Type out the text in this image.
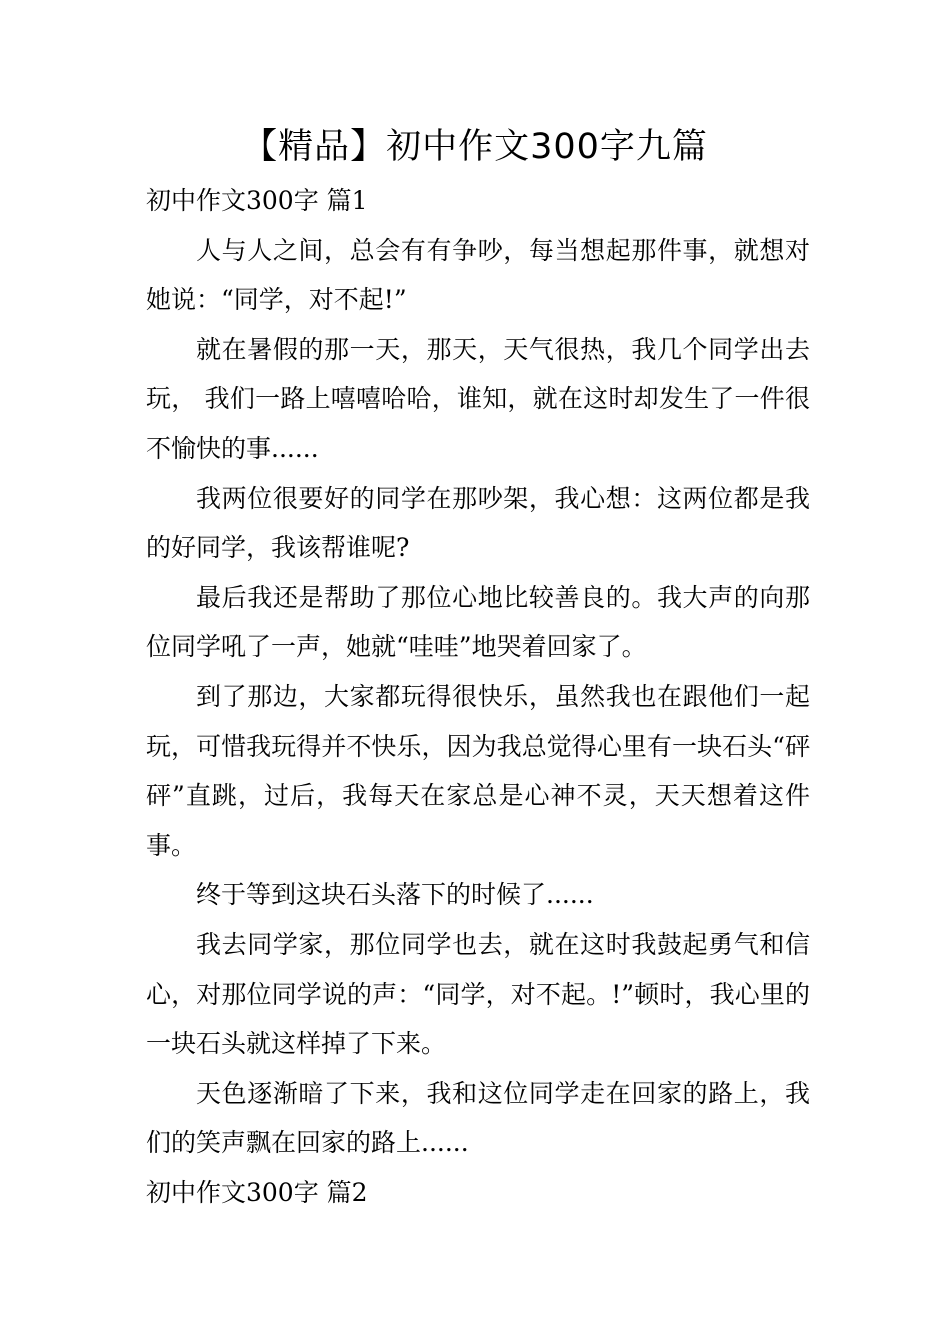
【精品】初中作文300字九篇

初中作文300字 篇1

人与人之间，总会有有争吵，每当想起那件事，就想对她说：“同学，对不起!”

就在暑假的那一天，那天，天气很热，我几个同学出去玩， 我们一路上嘻嘻哈哈，谁知，就在这时却发生了一件很不愉快的事......

我两位很要好的同学在那吵架，我心想：这两位都是我的好同学，我该帮谁呢?

最后我还是帮助了那位心地比较善良的。我大声的向那位同学吼了一声，她就“哇哇”地哭着回家了。

到了那边，大家都玩得很快乐，虽然我也在跟他们一起玩，可惜我玩得并不快乐，因为我总觉得心里有一块石头“砰砰”直跳，过后，我每天在家总是心神不灵，天天想着这件事。

终于等到这块石头落下的时候了......

我去同学家，那位同学也去，就在这时我鼓起勇气和信心，对那位同学说的声：“同学，对不起。!”顿时，我心里的一块石头就这样掉了下来。

天色逐渐暗了下来，我和这位同学走在回家的路上，我们的笑声飘在回家的路上......

初中作文300字 篇2
